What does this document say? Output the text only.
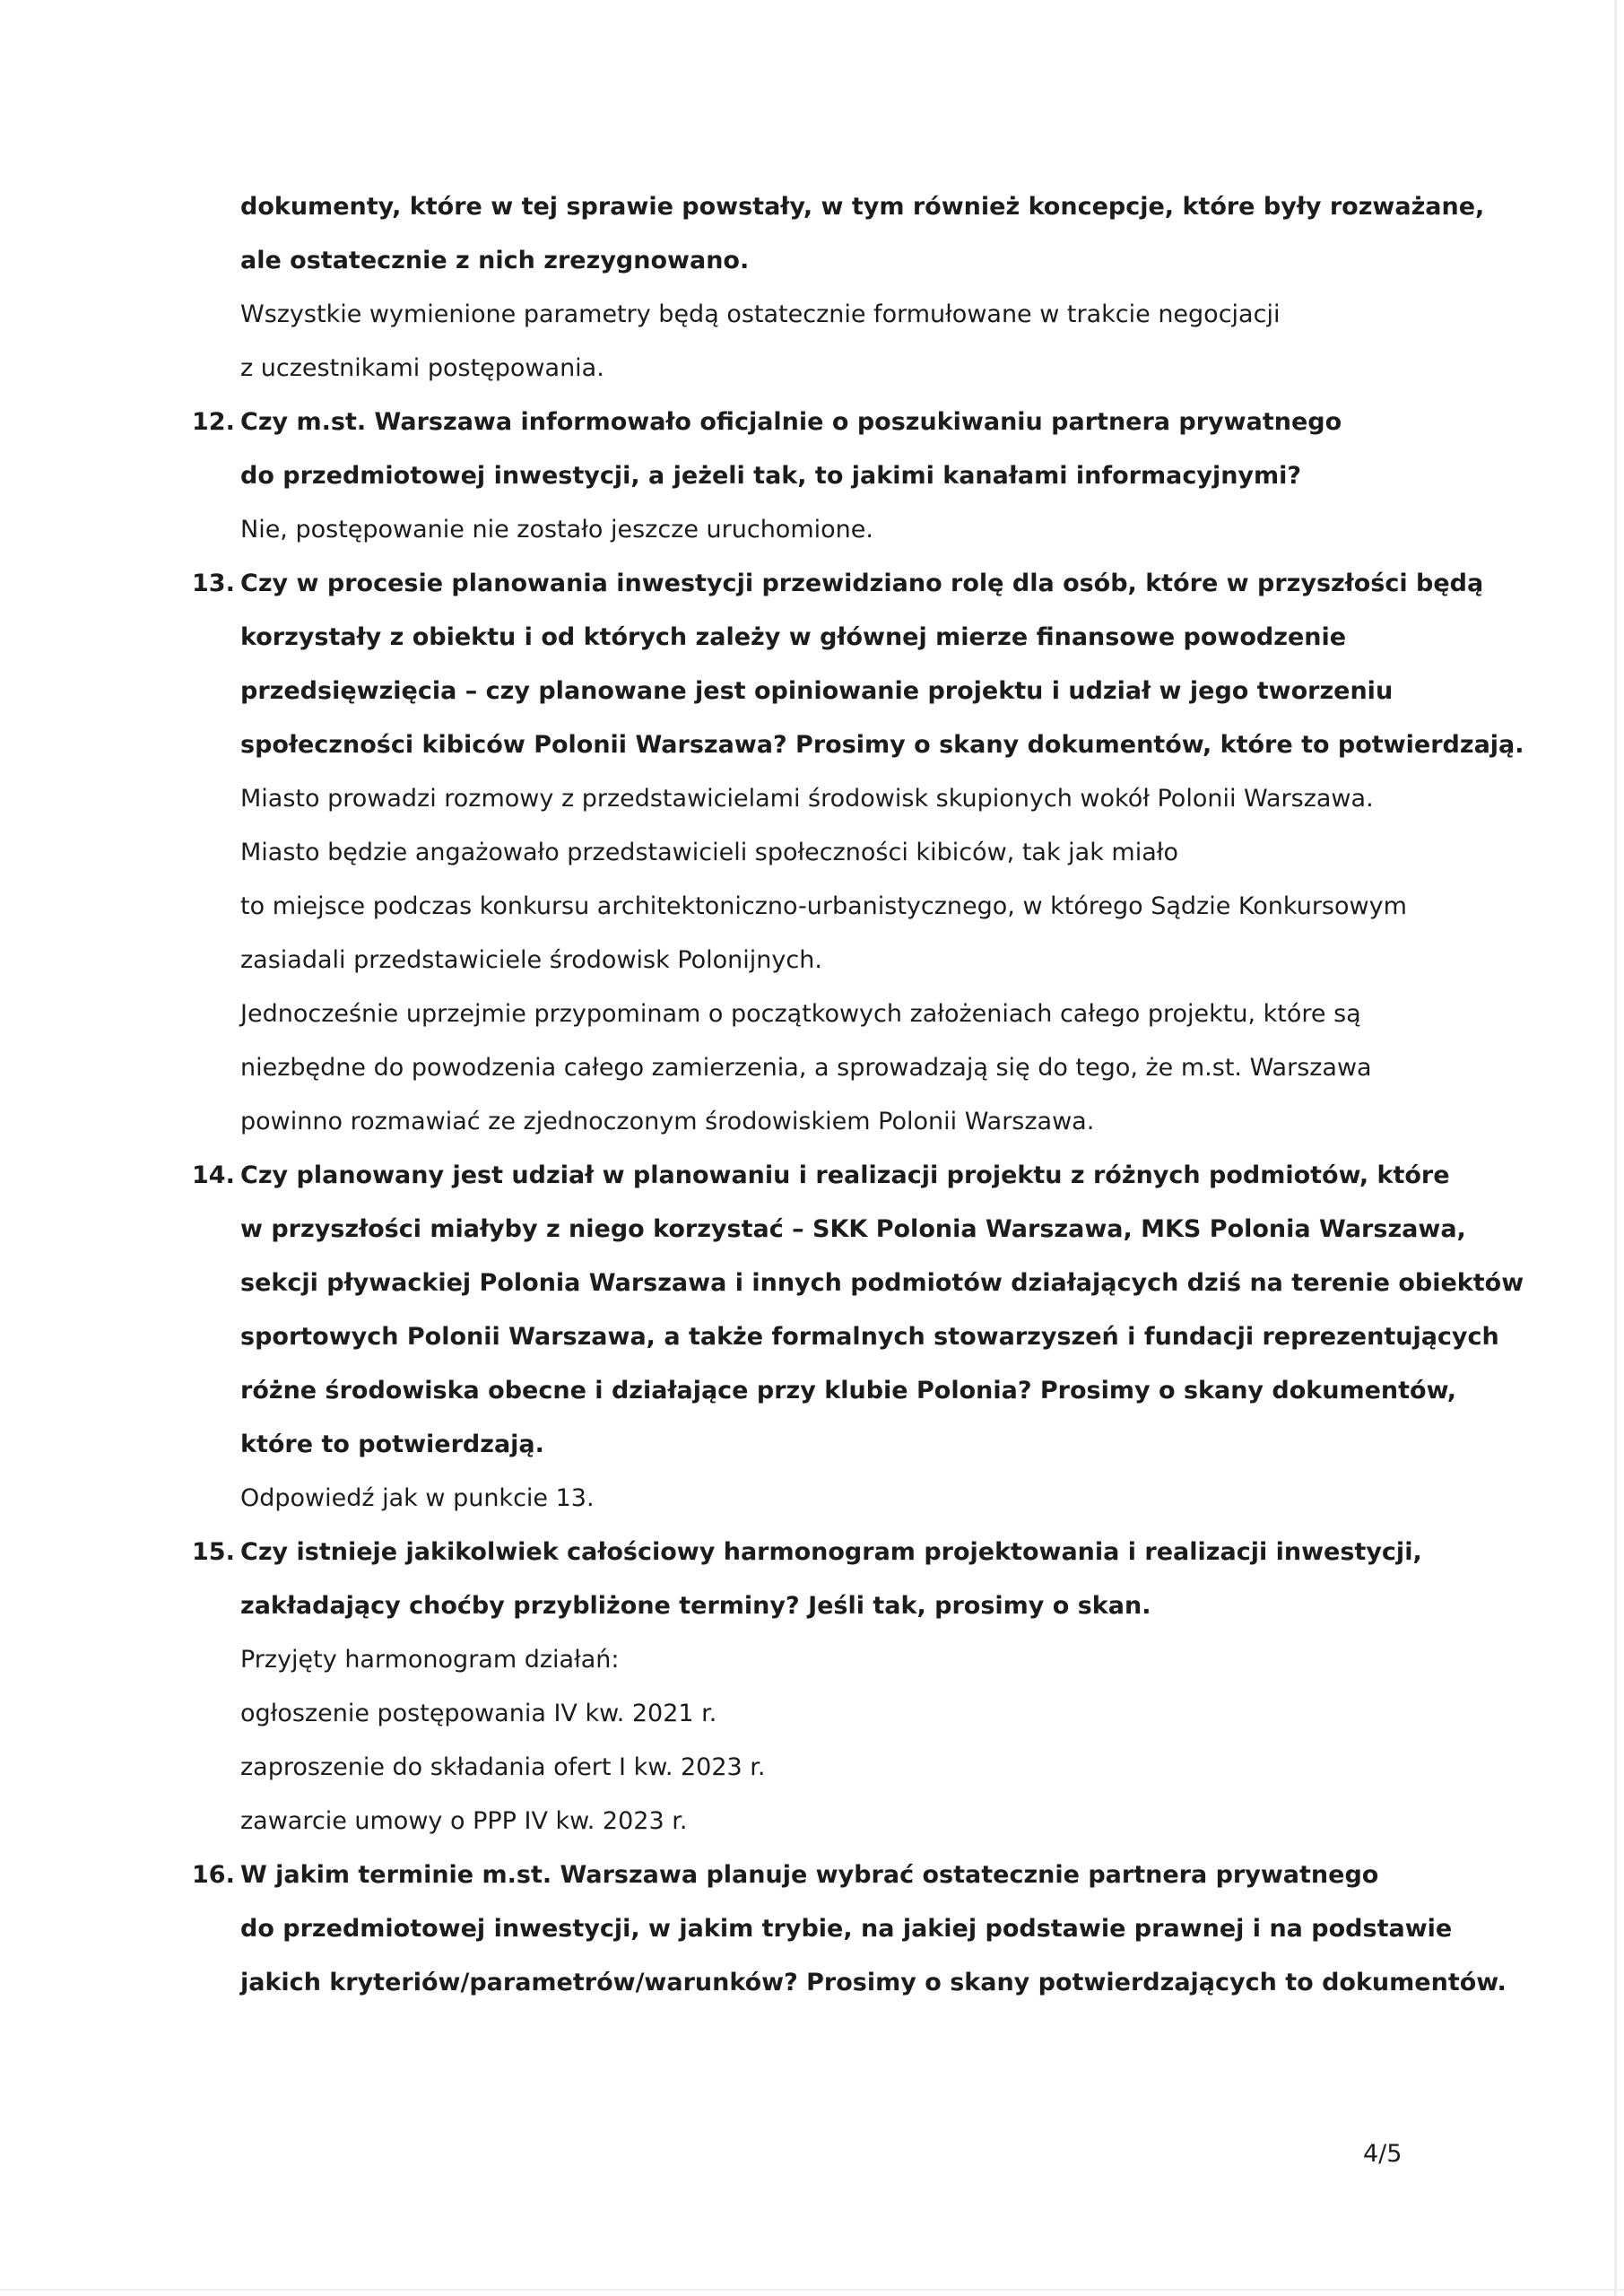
dokumenty, które w tej sprawie powstały, w tym również koncepcje, które były rozważane,
ale ostatecznie z nich zrezygnowano.
Wszystkie wymienione parametry będą ostatecznie formułowane w trakcie negocjacji
z uczestnikami postępowania.
12. Czy m.st. Warszawa informowało oficjalnie o poszukiwaniu partnera prywatnego
do przedmiotowej inwestycji, a jeżeli tak, to jakimi kanałami informacyjnymi?
Nie, postępowanie nie zostało jeszcze uruchomione.
13. Czy w procesie planowania inwestycji przewidziano rolę dla osób, które w przyszłości będą
korzystały z obiektu i od których zależy w głównej mierze finansowe powodzenie
przedsięwzięcia – czy planowane jest opiniowanie projektu i udział w jego tworzeniu
społeczności kibiców Polonii Warszawa? Prosimy o skany dokumentów, które to potwierdzają.
Miasto prowadzi rozmowy z przedstawicielami środowisk skupionych wokół Polonii Warszawa.
Miasto będzie angażowało przedstawicieli społeczności kibiców, tak jak miało
to miejsce podczas konkursu architektoniczno-urbanistycznego, w którego Sądzie Konkursowym
zasiadali przedstawiciele środowisk Polonijnych.
Jednocześnie uprzejmie przypominam o początkowych założeniach całego projektu, które są
niezbędne do powodzenia całego zamierzenia, a sprowadzają się do tego, że m.st. Warszawa
powinno rozmawiać ze zjednoczonym środowiskiem Polonii Warszawa.
14. Czy planowany jest udział w planowaniu i realizacji projektu z różnych podmiotów, które
w przyszłości miałyby z niego korzystać – SKK Polonia Warszawa, MKS Polonia Warszawa,
sekcji pływackiej Polonia Warszawa i innych podmiotów działających dziś na terenie obiektów
sportowych Polonii Warszawa, a także formalnych stowarzyszeń i fundacji reprezentujących
różne środowiska obecne i działające przy klubie Polonia? Prosimy o skany dokumentów,
które to potwierdzają.
Odpowiedź jak w punkcie 13.
15. Czy istnieje jakikolwiek całościowy harmonogram projektowania i realizacji inwestycji,
zakładający choćby przybliżone terminy? Jeśli tak, prosimy o skan.
Przyjęty harmonogram działań:
ogłoszenie postępowania IV kw. 2021 r.
zaproszenie do składania ofert I kw. 2023 r.
zawarcie umowy o PPP IV kw. 2023 r.
16. W jakim terminie m.st. Warszawa planuje wybrać ostatecznie partnera prywatnego
do przedmiotowej inwestycji, w jakim trybie, na jakiej podstawie prawnej i na podstawie
jakich kryteriów/parametrów/warunków? Prosimy o skany potwierdzających to dokumentów.
4/5
